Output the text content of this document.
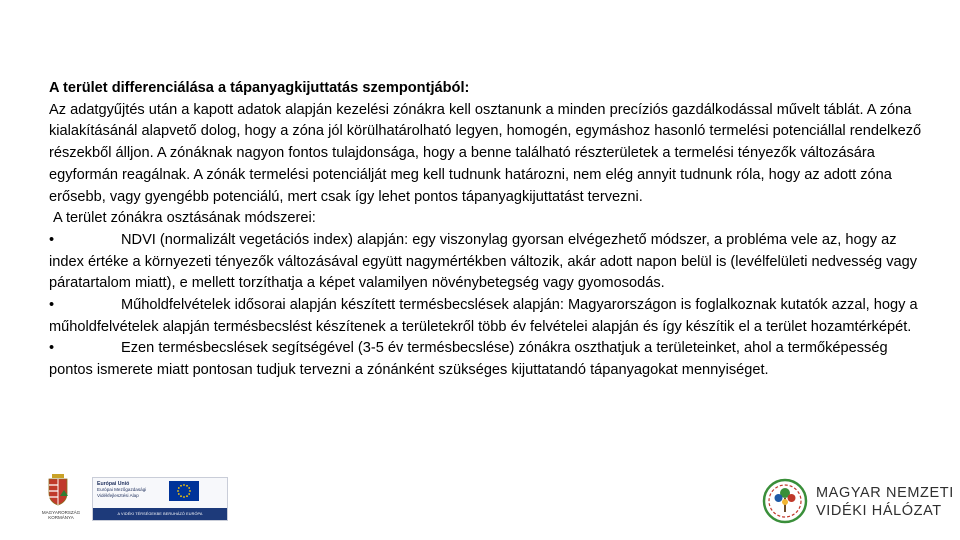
A terület differenciálása a tápanyagkijuttatás szempontjából:

Az adatgyűjtés után a kapott adatok alapján kezelési zónákra kell osztanunk a minden precíziós gazdálkodással művelt táblát. A zóna kialakításánál alapvető dolog, hogy a zóna jól körülhatárolható legyen, homogén, egymáshoz hasonló termelési potenciállal rendelkező részekből álljon. A zónáknak nagyon fontos tulajdonsága, hogy a benne található részterületek a termelési tényezők változására egyformán reagálnak. A zónák termelési potenciálját meg kell tudnunk határozni, nem elég annyit tudnunk róla, hogy az adott zóna erősebb, vagy gyengébb potenciálú, mert csak így lehet pontos tápanyagkijuttatást tervezni.

A terület zónákra osztásának módszerei:

•	NDVI (normalizált vegetációs index) alapján: egy viszonylag gyorsan elvégezhető módszer, a probléma vele az, hogy az index értéke a környezeti tényezők változásával együtt nagymértékben változik, akár adott napon belül is (levélfelületi nedvesség vagy páratartalom miatt), e mellett torzíthatja a képet valamilyen növénybetegség vagy gyomosodás.

•	Műholdfelvételek idősorai alapján készített termésbecslések alapján: Magyarországon is foglalkoznak kutatók azzal, hogy a műholdfelvételek alapján termésbecslést készítenek a területekről több év felvételei alapján és így készítik el a terület hozamtérképét.

•	Ezen termésbecslések segítségével (3-5 év termésbecslése) zónákra oszthatjuk a területeinket, ahol a termőképesség pontos ismerete miatt pontosan tudjuk tervezni a zónánként szükséges kijuttatandó tápanyagokat mennyiséget.

MAGYARORSZÁG KORMÁNYA
Európai Unió
Európai Mezőgazdasági
Vidékfejlesztési Alap
A VIDÉKI TÉRSÉGEKBE BERUHÁZÓ EURÓPA
MAGYAR NEMZETI
VIDÉKI HÁLÓZAT
